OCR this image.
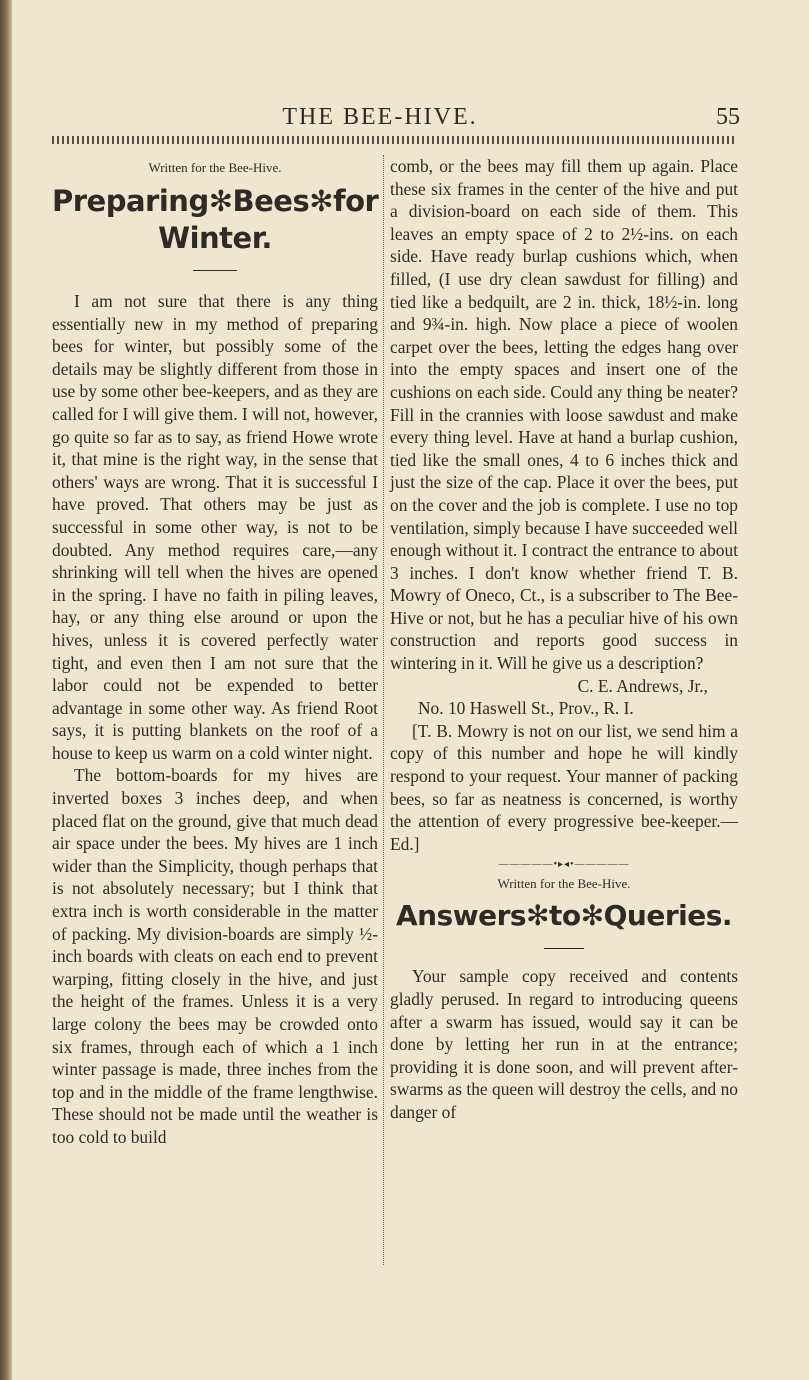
THE BEE-HIVE.	55
Written for the Bee-Hive.
Preparing✻Bees✻for Winter.

I am not sure that there is any thing essentially new in my method of preparing bees for winter, but possibly some of the details may be slightly different from those in use by some other bee-keepers, and as they are called for I will give them. I will not, however, go quite so far as to say, as friend Howe wrote it, that mine is the right way, in the sense that others' ways are wrong. That it is successful I have proved. That others may be just as successful in some other way, is not to be doubted. Any method requires care,—any shrinking will tell when the hives are opened in the spring. I have no faith in piling leaves, hay, or any thing else around or upon the hives, unless it is covered perfectly water tight, and even then I am not sure that the labor could not be expended to better advantage in some other way. As friend Root says, it is putting blankets on the roof of a house to keep us warm on a cold winter night.

The bottom-boards for my hives are inverted boxes 3 inches deep, and when placed flat on the ground, give that much dead air space under the bees. My hives are 1 inch wider than the Simplicity, though perhaps that is not absolutely necessary; but I think that extra inch is worth considerable in the matter of packing. My division-boards are simply ½-inch boards with cleats on each end to prevent warping, fitting closely in the hive, and just the height of the frames. Unless it is a very large colony the bees may be crowded onto six frames, through each of which a 1 inch winter passage is made, three inches from the top and in the middle of the frame lengthwise. These should not be made until the weather is too cold to build

comb, or the bees may fill them up again. Place these six frames in the center of the hive and put a division-board on each side of them. This leaves an empty space of 2 to 2½-ins. on each side. Have ready burlap cushions which, when filled, (I use dry clean sawdust for filling) and tied like a bedquilt, are 2 in. thick, 18½-in. long and 9¾-in. high. Now place a piece of woolen carpet over the bees, letting the edges hang over into the empty spaces and insert one of the cushions on each side. Could any thing be neater? Fill in the crannies with loose sawdust and make every thing level. Have at hand a burlap cushion, tied like the small ones, 4 to 6 inches thick and just the size of the cap. Place it over the bees, put on the cover and the job is complete. I use no top ventilation, simply because I have succeeded well enough without it. I contract the entrance to about 3 inches. I don't know whether friend T. B. Mowry of Oneco, Ct., is a subscriber to The Bee-Hive or not, but he has a peculiar hive of his own construction and reports good success in wintering in it. Will he give us a description?

C. E. Andrews, Jr.,

No. 10 Haswell St., Prov., R. I.

[T. B. Mowry is not on our list, we send him a copy of this number and hope he will kindly respond to your request. Your manner of packing bees, so far as neatness is concerned, is worthy the attention of every progressive bee-keeper.—Ed.]

—————•▸◂•—————
Written for the Bee-Hive.
Answers✻to✻Queries.

Your sample copy received and contents gladly perused. In regard to introducing queens after a swarm has issued, would say it can be done by letting her run in at the entrance; providing it is done soon, and will prevent after-swarms as the queen will destroy the cells, and no danger of
